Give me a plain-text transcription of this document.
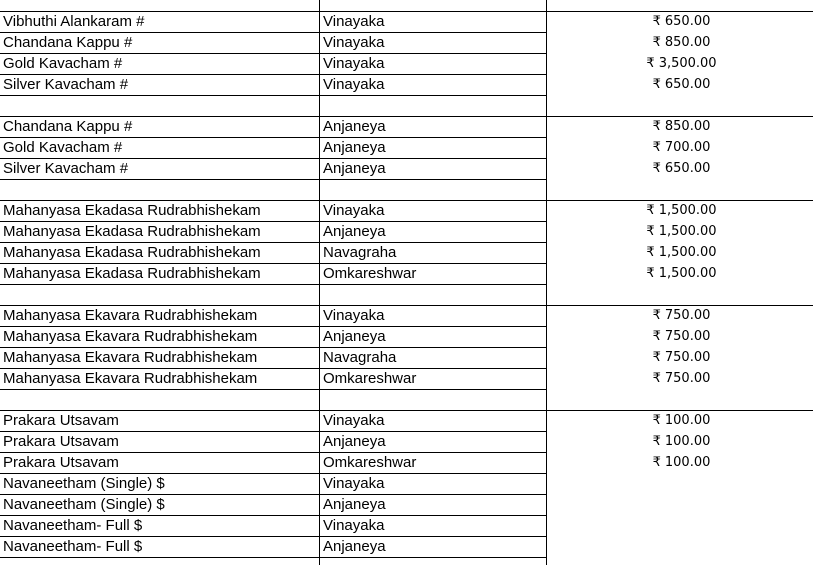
Vibhuthi Alankaram #	Vinayaka	₹ 650.00
Chandana Kappu #	Vinayaka	₹ 850.00
Gold Kavacham #	Vinayaka	₹ 3,500.00
Silver Kavacham #	Vinayaka	₹ 650.00
Chandana Kappu #	Anjaneya	₹ 850.00
Gold Kavacham #	Anjaneya	₹ 700.00
Silver Kavacham #	Anjaneya	₹ 650.00
Mahanyasa Ekadasa Rudrabhishekam	Vinayaka	₹ 1,500.00
Mahanyasa Ekadasa Rudrabhishekam	Anjaneya	₹ 1,500.00
Mahanyasa Ekadasa Rudrabhishekam	Navagraha	₹ 1,500.00
Mahanyasa Ekadasa Rudrabhishekam	Omkareshwar	₹ 1,500.00
Mahanyasa Ekavara Rudrabhishekam	Vinayaka	₹ 750.00
Mahanyasa Ekavara Rudrabhishekam	Anjaneya	₹ 750.00
Mahanyasa Ekavara Rudrabhishekam	Navagraha	₹ 750.00
Mahanyasa Ekavara Rudrabhishekam	Omkareshwar	₹ 750.00
Prakara Utsavam	Vinayaka	₹ 100.00
Prakara Utsavam	Anjaneya	₹ 100.00
Prakara Utsavam	Omkareshwar	₹ 100.00
Navaneetham (Single) $	Vinayaka
Navaneetham (Single) $	Anjaneya
Navaneetham- Full $	Vinayaka
Navaneetham- Full $	Anjaneya
